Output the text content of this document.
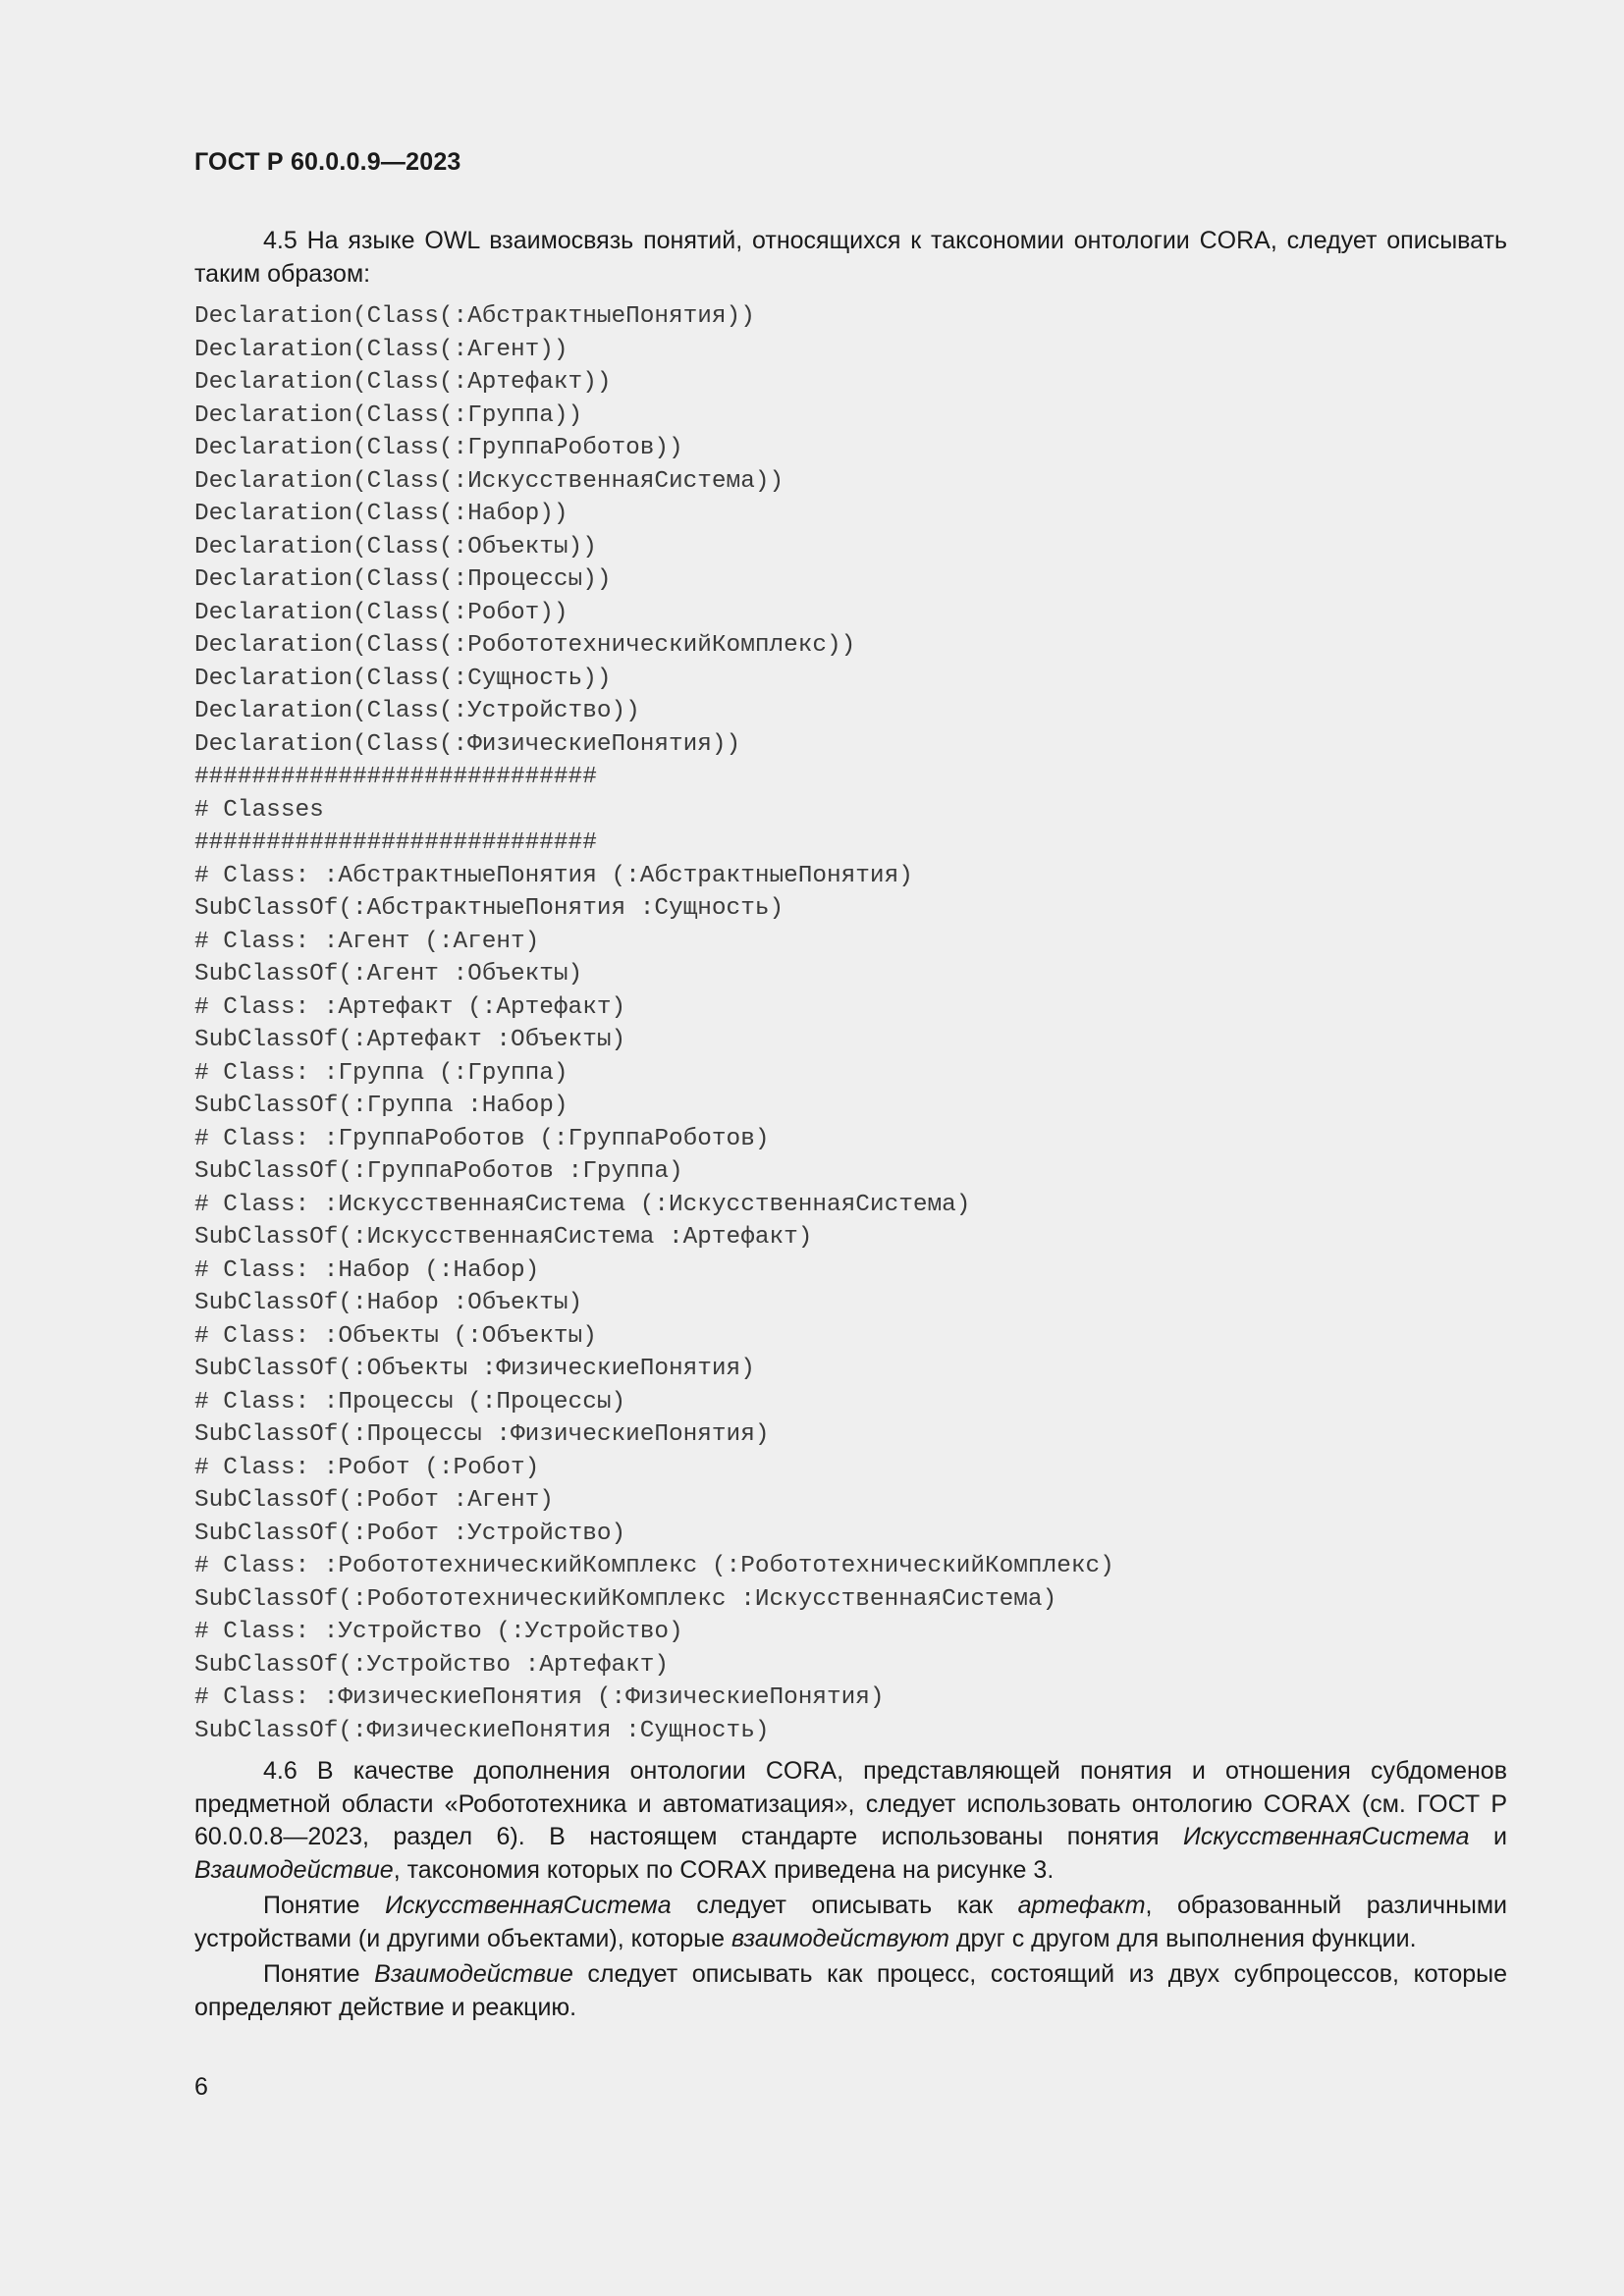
ГОСТ Р 60.0.0.9—2023

4.5 На языке OWL взаимосвязь понятий, относящихся к таксономии онтологии CORA, следует описывать таким образом:

Declaration(Class(:АбстрактныеПонятия))
Declaration(Class(:Агент))
Declaration(Class(:Артефакт))
Declaration(Class(:Группа))
Declaration(Class(:ГруппаРоботов))
Declaration(Class(:ИскусственнаяСистема))
Declaration(Class(:Набор))
Declaration(Class(:Объекты))
Declaration(Class(:Процессы))
Declaration(Class(:Робот))
Declaration(Class(:РобототехническийКомплекс))
Declaration(Class(:Сущность))
Declaration(Class(:Устройство))
Declaration(Class(:ФизическиеПонятия))
############################
# Classes
############################
# Class: :АбстрактныеПонятия (:АбстрактныеПонятия)
SubClassOf(:АбстрактныеПонятия :Сущность)
# Class: :Агент (:Агент)
SubClassOf(:Агент :Объекты)
# Class: :Артефакт (:Артефакт)
SubClassOf(:Артефакт :Объекты)
# Class: :Группа (:Группа)
SubClassOf(:Группа :Набор)
# Class: :ГруппаРоботов (:ГруппаРоботов)
SubClassOf(:ГруппаРоботов :Группа)
# Class: :ИскусственнаяСистема (:ИскусственнаяСистема)
SubClassOf(:ИскусственнаяСистема :Артефакт)
# Class: :Набор (:Набор)
SubClassOf(:Набор :Объекты)
# Class: :Объекты (:Объекты)
SubClassOf(:Объекты :ФизическиеПонятия)
# Class: :Процессы (:Процессы)
SubClassOf(:Процессы :ФизическиеПонятия)
# Class: :Робот (:Робот)
SubClassOf(:Робот :Агент)
SubClassOf(:Робот :Устройство)
# Class: :РобототехническийКомплекс (:РобототехническийКомплекс)
SubClassOf(:РобототехническийКомплекс :ИскусственнаяСистема)
# Class: :Устройство (:Устройство)
SubClassOf(:Устройство :Артефакт)
# Class: :ФизическиеПонятия (:ФизическиеПонятия)
SubClassOf(:ФизическиеПонятия :Сущность)

4.6 В качестве дополнения онтологии CORA, представляющей понятия и отношения субдоменов предметной области «Робототехника и автоматизация», следует использовать онтологию CORAX (см. ГОСТ Р 60.0.0.8—2023, раздел 6). В настоящем стандарте использованы понятия ИскусственнаяСистема и Взаимодействие, таксономия которых по CORAX приведена на рисунке 3.

Понятие ИскусственнаяСистема следует описывать как артефакт, образованный различными устройствами (и другими объектами), которые взаимодействуют друг с другом для выполнения функции.

Понятие Взаимодействие следует описывать как процесс, состоящий из двух субпроцессов, которые определяют действие и реакцию.

6
